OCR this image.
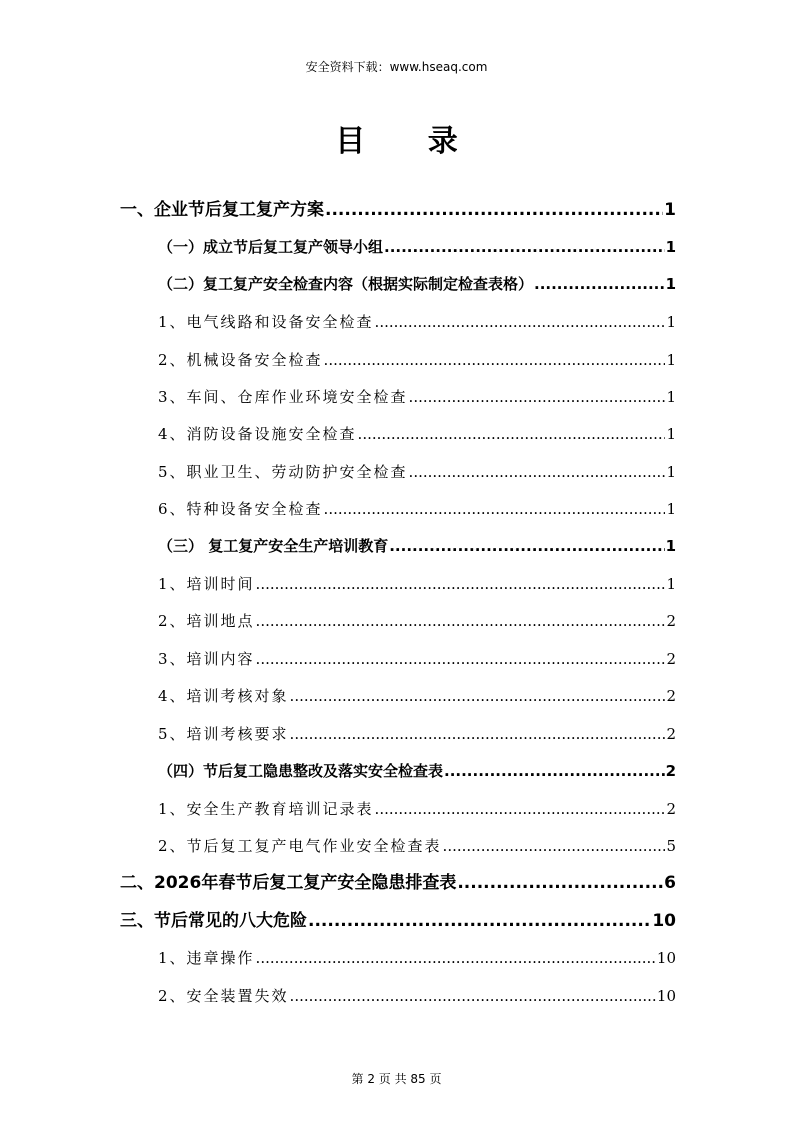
安全资料下载：www.hseaq.com
目 录
一、企业节后复工复产方案 .....	1
（一）成立节后复工复产领导小组 .....	1
（二）复工复产安全检查内容（根据实际制定检查表格） .....	1
1、电气线路和设备安全检查 .....	1
2、机械设备安全检查 .....	1
3、车间、仓库作业环境安全检查 .....	1
4、消防设备设施安全检查 .....	1
5、职业卫生、劳动防护安全检查 .....	1
6、特种设备安全检查 .....	1
（三） 复工复产安全生产培训教育 .....	1
1、培训时间 .....	1
2、培训地点 .....	2
3、培训内容 .....	2
4、培训考核对象 .....	2
5、培训考核要求 .....	2
（四）节后复工隐患整改及落实安全检查表 .....	2
1、安全生产教育培训记录表 .....	2
2、节后复工复产电气作业安全检查表 .....	5
二、2026年春节后复工复产安全隐患排查表 .....	6
三、节后常见的八大危险 .....	10
1、违章操作 .....	10
2、安全装置失效 .....	10
第 2 页 共 85 页
